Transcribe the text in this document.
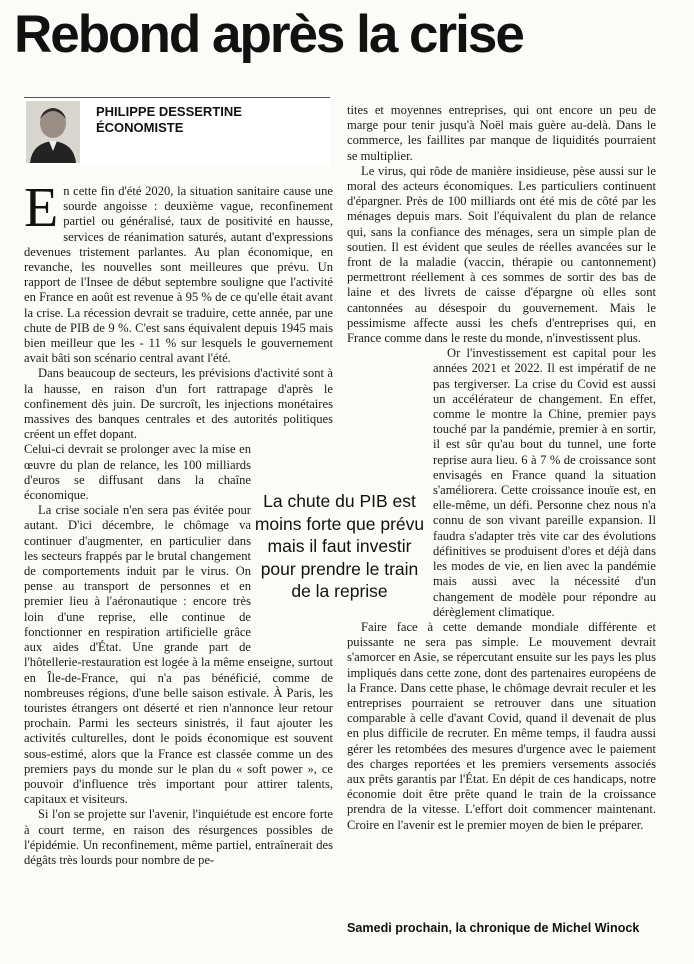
Rebond après la crise

PHILIPPE DESSERTINE

ÉCONOMISTE

E n cette fin d'été 2020, la situation sanitaire cause une sourde angoisse : deuxième vague, reconfinement partiel ou généralisé, taux de positivité en hausse, services de réanimation saturés, autant d'expressions devenues tristement parlantes. Au plan économique, en revanche, les nouvelles sont meilleures que prévu. Un rapport de l'Insee de début septembre souligne que l'activité en France en août est revenue à 95 % de ce qu'elle était avant la crise. La récession devrait se traduire, cette année, par une chute de PIB de 9 %. C'est sans équivalent depuis 1945 mais bien meilleur que les - 11 % sur lesquels le gouvernement avait bâti son scénario central avant l'été.

Dans beaucoup de secteurs, les prévisions d'activité sont à la hausse, en raison d'un fort rattrapage d'après le confinement dès juin. De surcroît, les injections monétaires massives des banques centrales et des autorités politiques créent un effet dopant.

Celui-ci devrait se prolonger avec la mise en œuvre du plan de relance, les 100 milliards d'euros se diffusant dans la chaîne économique.

La crise sociale n'en sera pas évitée pour autant. D'ici décembre, le chômage va continuer d'augmenter, en particulier dans les secteurs frappés par le brutal changement de comportements induit par le virus. On pense au transport de personnes et en premier lieu à l'aéronautique : encore très loin d'une reprise, elle continue de fonctionner en respiration artificielle grâce aux aides d'État. Une grande part de l'hôtellerie-restauration est logée à la même enseigne, surtout en Île-de-France, qui n'a pas bénéficié, comme de nombreuses régions, d'une belle saison estivale. À Paris, les touristes étrangers ont déserté et rien n'annonce leur retour prochain. Parmi les secteurs sinistrés, il faut ajouter les activités culturelles, dont le poids économique est souvent sous-estimé, alors que la France est classée comme un des premiers pays du monde sur le plan du « soft power », ce pouvoir d'influence très important pour attirer talents, capitaux et visiteurs.

Si l'on se projette sur l'avenir, l'inquiétude est encore forte à court terme, en raison des résurgences possibles de l'épidémie. Un reconfinement, même partiel, entraînerait des dégâts très lourds pour nombre de pe-

tites et moyennes entreprises, qui ont encore un peu de marge pour tenir jusqu'à Noël mais guère au-delà. Dans le commerce, les faillites par manque de liquidités pourraient se multiplier.

Le virus, qui rôde de manière insidieuse, pèse aussi sur le moral des acteurs économiques. Les particuliers continuent d'épargner. Près de 100 milliards ont été mis de côté par les ménages depuis mars. Soit l'équivalent du plan de relance qui, sans la confiance des ménages, sera un simple plan de soutien. Il est évident que seules de réelles avancées sur le front de la maladie (vaccin, thérapie ou cantonnement) permettront réellement à ces sommes de sortir des bas de laine et des livrets de caisse d'épargne où elles sont cantonnées au désespoir du gouvernement. Mais le pessimisme affecte aussi les chefs d'entreprises qui, en France comme dans le reste du monde, n'investissent plus.

Or l'investissement est capital pour les années 2021 et 2022. Il est impératif de ne pas tergiverser. La crise du Covid est aussi un accélérateur de changement. En effet, comme le montre la Chine, premier pays touché par la pandémie, premier à en sortir, il est sûr qu'au bout du tunnel, une forte reprise aura lieu. 6 à 7 % de croissance sont envisagés en France quand la situation s'améliorera. Cette croissance inouïe est, en elle-même, un défi. Personne chez nous n'a connu de son vivant pareille expansion. Il faudra s'adapter très vite car des évolutions définitives se produisent d'ores et déjà dans les modes de vie, en lien avec la pandémie mais aussi avec la nécessité d'un changement de modèle pour répondre au dérèglement climatique.

Faire face à cette demande mondiale différente et puissante ne sera pas simple. Le mouvement devrait s'amorcer en Asie, se répercutant ensuite sur les pays les plus impliqués dans cette zone, dont des partenaires européens de la France. Dans cette phase, le chômage devrait reculer et les entreprises pourraient se retrouver dans une situation comparable à celle d'avant Covid, quand il devenait de plus en plus difficile de recruter. En même temps, il faudra aussi gérer les retombées des mesures d'urgence avec le paiement des charges reportées et les premiers versements associés aux prêts garantis par l'État. En dépit de ces handicaps, notre économie doit être prête quand le train de la croissance prendra de la vitesse. L'effort doit commencer maintenant. Croire en l'avenir est le premier moyen de bien le préparer.

La chute du PIB est moins forte que prévu mais il faut investir pour prendre le train de la reprise

Samedi prochain, la chronique de Michel Winock
